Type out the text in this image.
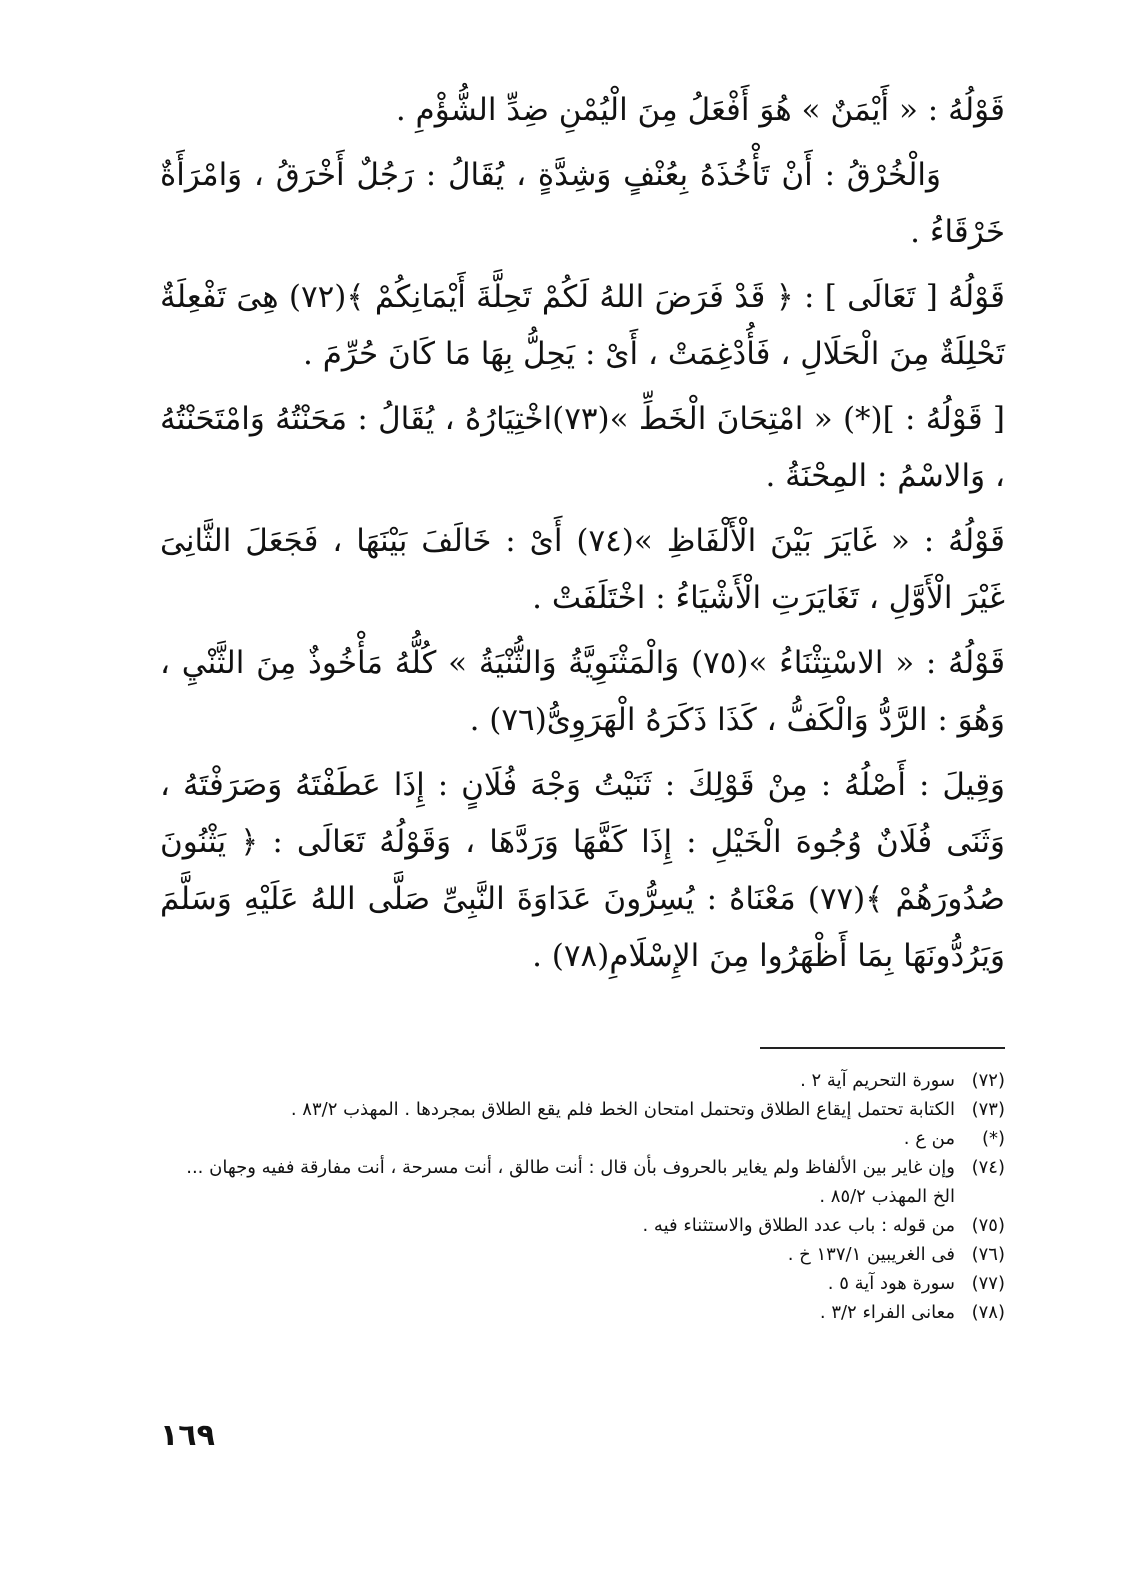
قَوْلُهُ : « أَيْمَنٌ » هُوَ أَفْعَلُ مِنَ الْيُمْنِ ضِدِّ الشُّؤْمِ .

وَالْخُرْقُ : أَنْ تَأْخُذَهُ بِعُنْفٍ وَشِدَّةٍ ، يُقَالُ : رَجُلٌ أَخْرَقُ ، وَامْرَأَةٌ خَرْقَاءُ .

قَوْلُهُ [ تَعَالَى ] : ﴿ قَدْ فَرَضَ اللهُ لَكُمْ تَحِلَّةَ أَيْمَانِكُمْ ﴾(٧٢) هِىَ تَفْعِلَةٌ تَحْلِلَةٌ مِنَ الْحَلَالِ ، فَأُدْغِمَتْ ، أَىْ : يَحِلُّ بِهَا مَا كَانَ حُرِّمَ .

[ قَوْلُهُ : ](*) « امْتِحَانَ الْخَطِّ »(٧٣)اخْتِيَارُهُ ، يُقَالُ : مَحَنْتُهُ وَامْتَحَنْتُهُ ، وَالاسْمُ : المِحْنَةُ .

قَوْلُهُ : « غَايَرَ بَيْنَ الْأَلْفَاظِ »(٧٤) أَىْ : خَالَفَ بَيْنَهَا ، فَجَعَلَ الثَّانِىَ غَيْرَ الْأَوَّلِ ، تَغَايَرَتِ الْأَشْيَاءُ : اخْتَلَفَتْ .

قَوْلُهُ : « الاسْتِثْنَاءُ »(٧٥) وَالْمَثْنَوِيَّةُ وَالثُّنْيَةُ » كُلُّهُ مَأْخُوذٌ مِنَ الثَّنْيِ ، وَهُوَ : الرَّدُّ وَالْكَفُّ ، كَذَا ذَكَرَهُ الْهَرَوِىُّ(٧٦) .

وَقِيلَ : أَصْلُهُ : مِنْ قَوْلِكَ : ثَنَيْتُ وَجْهَ فُلَانٍ : إِذَا عَطَفْتَهُ وَصَرَفْتَهُ ، وَثَنَى فُلَانٌ وُجُوهَ الْخَيْلِ : إِذَا كَفَّهَا وَرَدَّهَا ، وَقَوْلُهُ تَعَالَى : ﴿ يَثْنُونَ صُدُورَهُمْ ﴾(٧٧) مَعْنَاهُ : يُسِرُّونَ عَدَاوَةَ النَّبِىِّ صَلَّى اللهُ عَلَيْهِ وَسَلَّمَ وَيَرُدُّونَهَا بِمَا أَظْهَرُوا مِنَ الإِسْلَامِ(٧٨) .

(٧٢)
سورة التحريم آية ٢ .
(٧٣)
الكتابة تحتمل إيقاع الطلاق وتحتمل امتحان الخط فلم يقع الطلاق بمجردها . المهذب ٨٣/٢ .
(*)
من ع .
(٧٤)
وإن غاير بين الألفاظ ولم يغاير بالحروف بأن قال : أنت طالق ، أنت مسرحة ، أنت مفارقة ففيه وجهان ... الخ المهذب ٨٥/٢ .
(٧٥)
من قوله : باب عدد الطلاق والاستثناء فيه .
(٧٦)
فى الغريبين ١٣٧/١ خ .
(٧٧)
سورة هود آية ٥ .
(٧٨)
معانى الفراء ٣/٢ .
١٦٩
